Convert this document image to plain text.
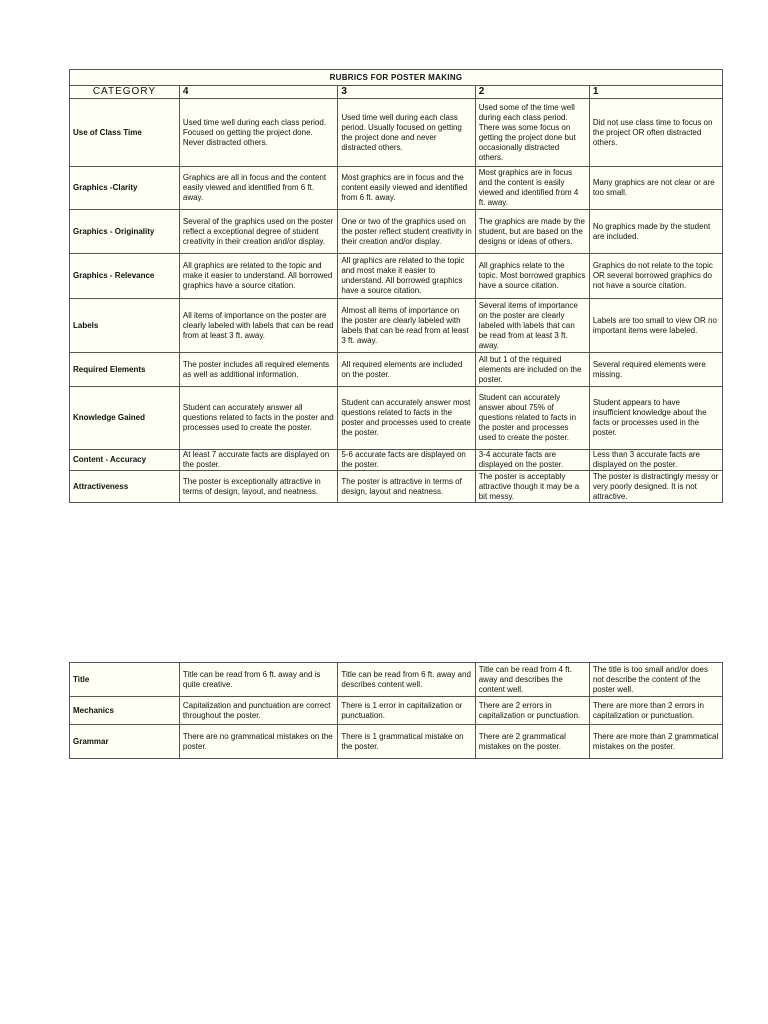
RUBRICS FOR POSTER MAKING				
CATEGORY	4	3	2	1
Use of Class Time	Used time well during each class period. Focused on getting the project done. Never distracted others.	Used time well during each class period. Usually focused on getting the project done and never distracted others.	Used some of the time well during each class period. There was some focus on getting the project done but occasionally distracted others.	Did not use class time to focus on the project OR often distracted others.
Graphics -Clarity	Graphics are all in focus and the content easily viewed and identified from 6 ft. away.	Most graphics are in focus and the content easily viewed and identified from 6 ft. away.	Most graphics are in focus and the content is easily viewed and identified from 4 ft. away.	Many graphics are not clear or are too small.
Graphics - Originality	Several of the graphics used on the poster reflect a exceptional degree of student creativity in their creation and/or display.	One or two of the graphics used on the poster reflect student creativity in their creation and/or display.	The graphics are made by the student, but are based on the designs or ideas of others.	No graphics made by the student are included.
Graphics - Relevance	All graphics are related to the topic and make it easier to understand. All borrowed graphics have a source citation.	All graphics are related to the topic and most make it easier to understand. All borrowed graphics have a source citation.	All graphics relate to the topic. Most borrowed graphics have a source citation.	Graphics do not relate to the topic OR several borrowed graphics do not have a source citation.
Labels	All items of importance on the poster are clearly labeled with labels that can be read from at least 3 ft. away.	Almost all items of importance on the poster are clearly labeled with labels that can be read from at least 3 ft. away.	Several items of importance on the poster are clearly labeled with labels that can be read from at least 3 ft. away.	Labels are too small to view OR no important items were labeled.
Required Elements	The poster includes all required elements as well as additional information.	All required elements are included on the poster.	All but 1 of the required elements are included on the poster.	Several required elements were missing.
Knowledge Gained	Student can accurately answer all questions related to facts in the poster and processes used to create the poster.	Student can accurately answer most questions related to facts in the poster and processes used to create the poster.	Student can accurately answer about 75% of questions related to facts in the poster and processes used to create the poster.	Student appears to have insufficient knowledge about the facts or processes used in the poster.
Content - Accuracy	At least 7 accurate facts are displayed on the poster.	5-6 accurate facts are displayed on the poster.	3-4 accurate facts are displayed on the poster.	Less than 3 accurate facts are displayed on the poster.
Attractiveness	The poster is exceptionally attractive in terms of design, layout, and neatness.	The poster is attractive in terms of design, layout and neatness.	The poster is acceptably attractive though it may be a bit messy.	The poster is distractingly messy or very poorly designed. It is not attractive.
Title	Title can be read from 6 ft. away and is quite creative.	Title can be read from 6 ft. away and describes content well.	Title can be read from 4 ft. away and describes the content well.	The title is too small and/or does not describe the content of the poster well.
Mechanics	Capitalization and punctuation are correct throughout the poster.	There is 1 error in capitalization or punctuation.	There are 2 errors in capitalization or punctuation.	There are more than 2 errors in capitalization or punctuation.
Grammar	There are no grammatical mistakes on the poster.	There is 1 grammatical mistake on the poster.	There are 2 grammatical mistakes on the poster.	There are more than 2 grammatical mistakes on the poster.
